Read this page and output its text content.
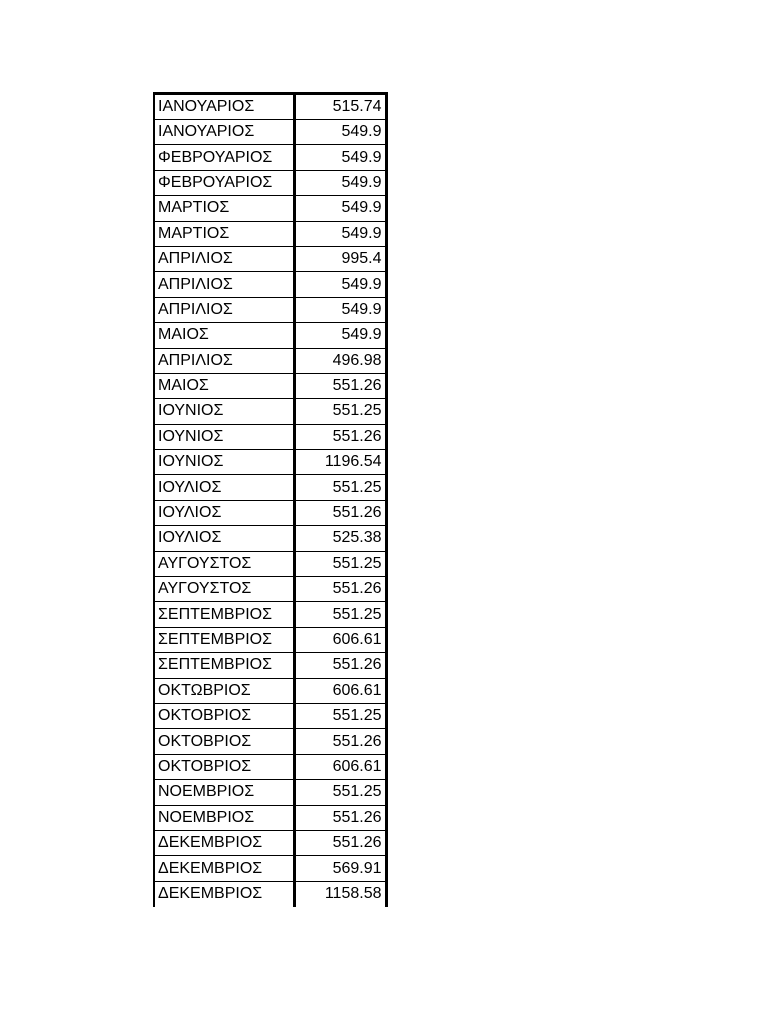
ΙΑΝΟΥΑΡΙΟΣ	515.74
ΙΑΝΟΥΑΡΙΟΣ	549.9
ΦΕΒΡΟΥΑΡΙΟΣ	549.9
ΦΕΒΡΟΥΑΡΙΟΣ	549.9
ΜΑΡΤΙΟΣ	549.9
ΜΑΡΤΙΟΣ	549.9
ΑΠΡΙΛΙΟΣ	995.4
ΑΠΡΙΛΙΟΣ	549.9
ΑΠΡΙΛΙΟΣ	549.9
ΜΑΙΟΣ	549.9
ΑΠΡΙΛΙΟΣ	496.98
ΜΑΙΟΣ	551.26
ΙΟΥΝΙΟΣ	551.25
ΙΟΥΝΙΟΣ	551.26
ΙΟΥΝΙΟΣ	1196.54
ΙΟΥΛΙΟΣ	551.25
ΙΟΥΛΙΟΣ	551.26
ΙΟΥΛΙΟΣ	525.38
ΑΥΓΟΥΣΤΟΣ	551.25
ΑΥΓΟΥΣΤΟΣ	551.26
ΣΕΠΤΕΜΒΡΙΟΣ	551.25
ΣΕΠΤΕΜΒΡΙΟΣ	606.61
ΣΕΠΤΕΜΒΡΙΟΣ	551.26
ΟΚΤΩΒΡΙΟΣ	606.61
ΟΚΤΟΒΡΙΟΣ	551.25
ΟΚΤΟΒΡΙΟΣ	551.26
ΟΚΤΟΒΡΙΟΣ	606.61
ΝΟΕΜΒΡΙΟΣ	551.25
ΝΟΕΜΒΡΙΟΣ	551.26
ΔΕΚΕΜΒΡΙΟΣ	551.26
ΔΕΚΕΜΒΡΙΟΣ	569.91
ΔΕΚΕΜΒΡΙΟΣ	1158.58
